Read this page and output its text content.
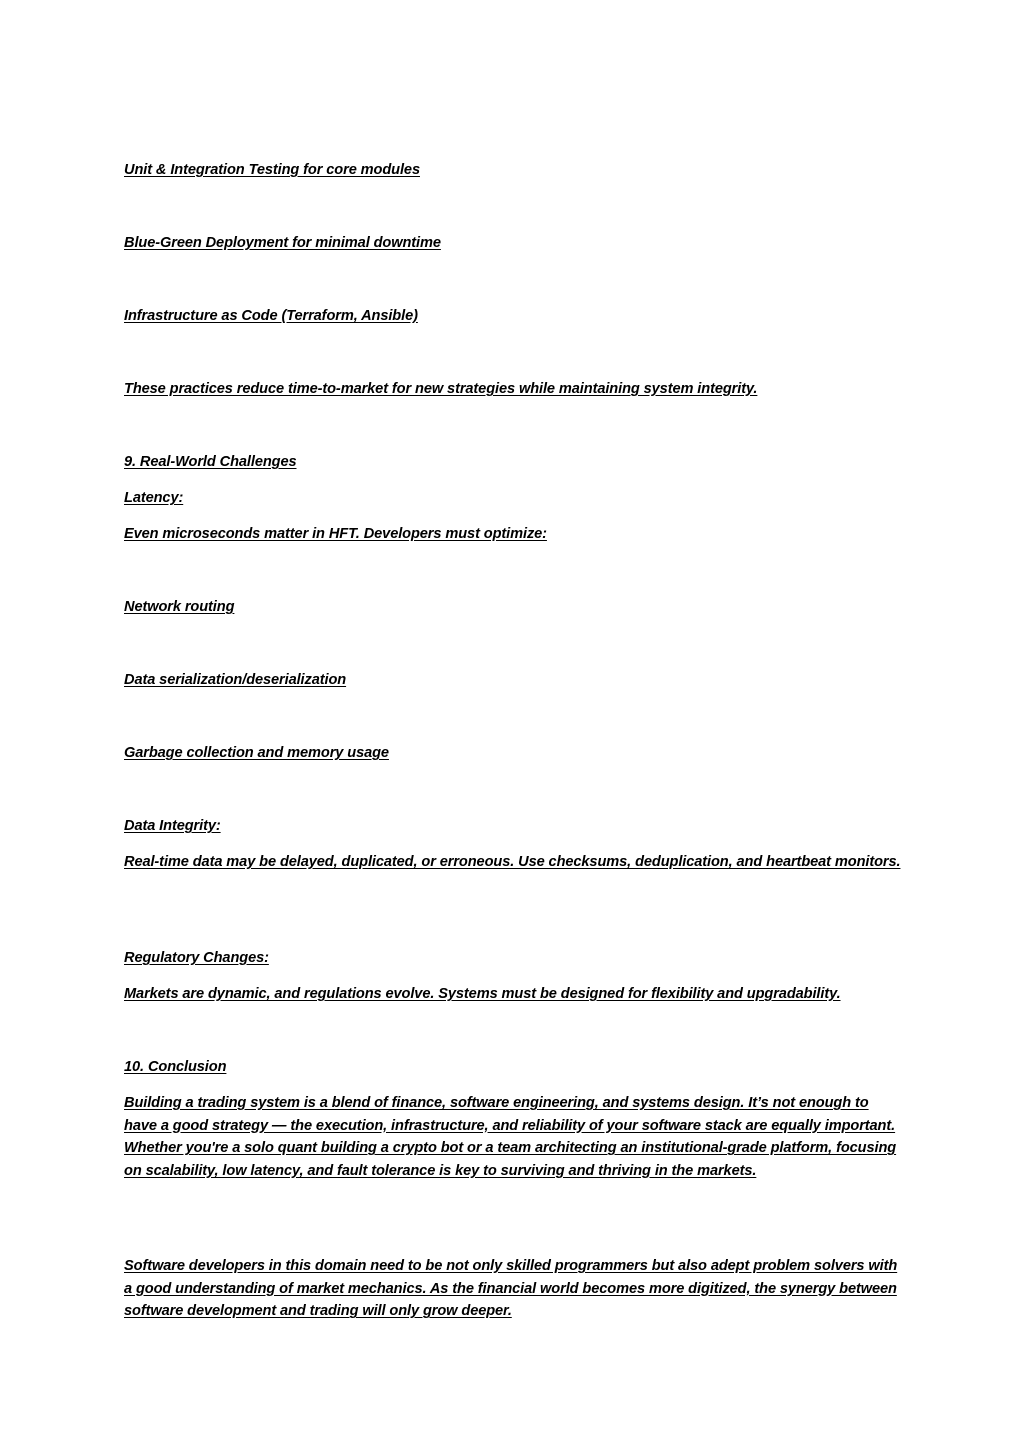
Unit & Integration Testing for core modules

Blue-Green Deployment for minimal downtime

Infrastructure as Code (Terraform, Ansible)

These practices reduce time-to-market for new strategies while maintaining system integrity.

9. Real-World Challenges

Latency:

Even microseconds matter in HFT. Developers must optimize:

Network routing

Data serialization/deserialization

Garbage collection and memory usage

Data Integrity:

Real-time data may be delayed, duplicated, or erroneous. Use checksums, deduplication, and heartbeat monitors.

Regulatory Changes:

Markets are dynamic, and regulations evolve. Systems must be designed for flexibility and upgradability.

10. Conclusion

Building a trading system is a blend of finance, software engineering, and systems design. It’s not enough to have a good strategy — the execution, infrastructure, and reliability of your software stack are equally important. Whether you're a solo quant building a crypto bot or a team architecting an institutional-grade platform, focusing on scalability, low latency, and fault tolerance is key to surviving and thriving in the markets.

Software developers in this domain need to be not only skilled programmers but also adept problem solvers with a good understanding of market mechanics. As the financial world becomes more digitized, the synergy between software development and trading will only grow deeper.
